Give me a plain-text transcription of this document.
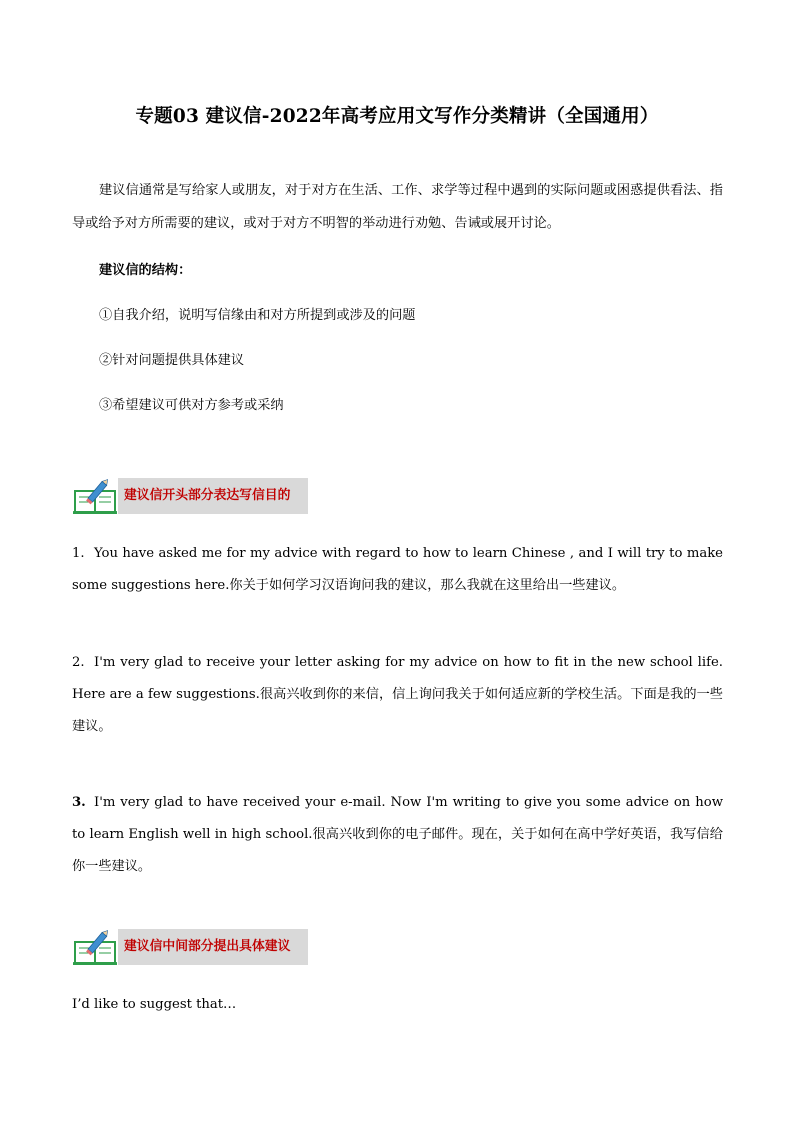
专题03 建议信-2022年高考应用文写作分类精讲（全国通用）
建议信通常是写给家人或朋友，对于对方在生活、工作、求学等过程中遇到的实际问题或困惑提供看法、指导或给予对方所需要的建议，或对于对方不明智的举动进行劝勉、告诫或展开讨论。
建议信的结构：
①自我介绍，说明写信缘由和对方所提到或涉及的问题
②针对问题提供具体建议
③希望建议可供对方参考或采纳
建议信开头部分表达写信目的
1. You have asked me for my advice with regard to how to learn Chinese , and I will try to make some suggestions here.你关于如何学习汉语询问我的建议，那么我就在这里给出一些建议。
2. I'm very glad to receive your letter asking for my advice on how to fit in the new school life. Here are a few suggestions.很高兴收到你的来信，信上询问我关于如何适应新的学校生活。下面是我的一些建议。
3. I'm very glad to have received your e-mail. Now I'm writing to give you some advice on how to learn English well in high school.很高兴收到你的电子邮件。现在，关于如何在高中学好英语，我写信给你一些建议。
建议信中间部分提出具体建议
I’d like to suggest that…
